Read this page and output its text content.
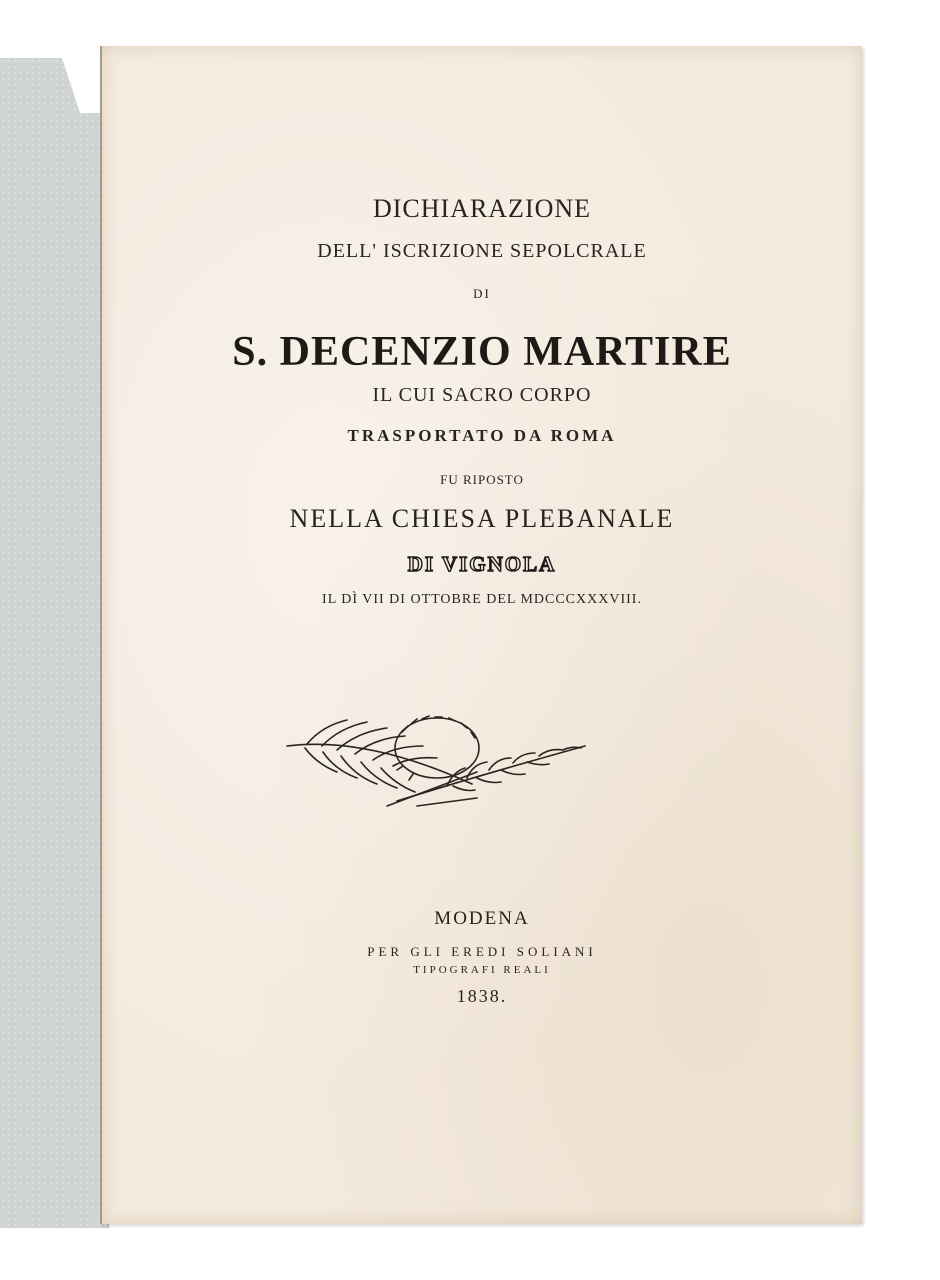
DICHIARAZIONE

DELL' ISCRIZIONE SEPOLCRALE

DI

S. DECENZIO MARTIRE

IL CUI SACRO CORPO

TRASPORTATO DA ROMA

FU RIPOSTO

NELLA CHIESA PLEBANALE

DI VIGNOLA

IL DÌ VII DI OTTOBRE DEL MDCCCXXXVIII.

MODENA

PER GLI EREDI SOLIANI

TIPOGRAFI REALI

1838.
